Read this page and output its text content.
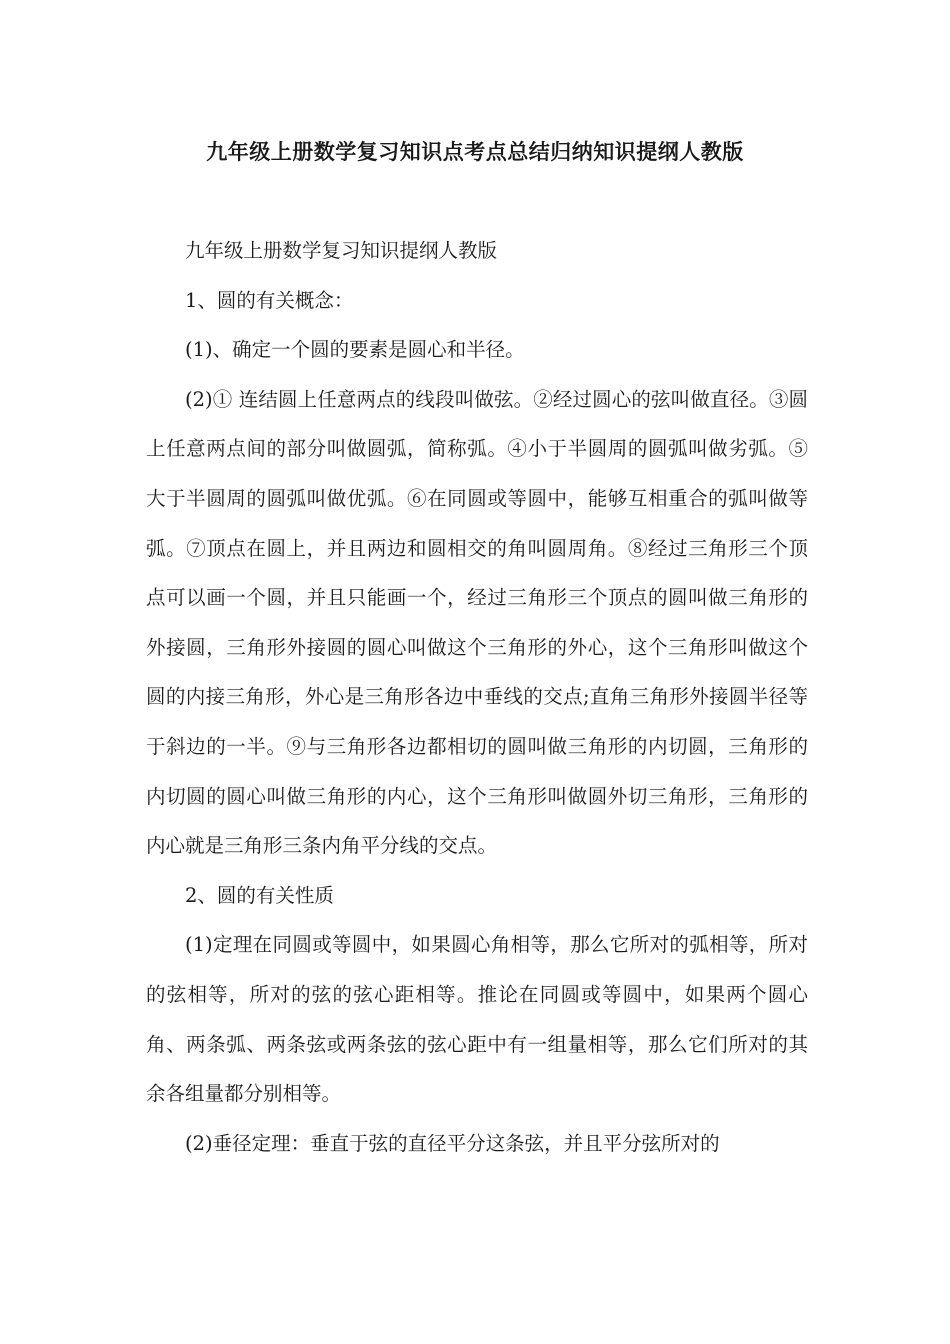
九年级上册数学复习知识点考点总结归纳知识提纲人教版

九年级上册数学复习知识提纲人教版

1、圆的有关概念：

(1)、确定一个圆的要素是圆心和半径。

(2)① 连结圆上任意两点的线段叫做弦。②经过圆心的弦叫做直径。③圆上任意两点间的部分叫做圆弧，简称弧。④小于半圆周的圆弧叫做劣弧。⑤大于半圆周的圆弧叫做优弧。⑥在同圆或等圆中，能够互相重合的弧叫做等弧。⑦顶点在圆上，并且两边和圆相交的角叫圆周角。⑧经过三角形三个顶点可以画一个圆，并且只能画一个，经过三角形三个顶点的圆叫做三角形的外接圆，三角形外接圆的圆心叫做这个三角形的外心，这个三角形叫做这个圆的内接三角形，外心是三角形各边中垂线的交点;直角三角形外接圆半径等于斜边的一半。⑨与三角形各边都相切的圆叫做三角形的内切圆，三角形的内切圆的圆心叫做三角形的内心，这个三角形叫做圆外切三角形，三角形的内心就是三角形三条内角平分线的交点。

2、圆的有关性质

(1)定理在同圆或等圆中，如果圆心角相等，那么它所对的弧相等，所对的弦相等，所对的弦的弦心距相等。推论在同圆或等圆中，如果两个圆心角、两条弧、两条弦或两条弦的弦心距中有一组量相等，那么它们所对的其余各组量都分别相等。

(2)垂径定理：垂直于弦的直径平分这条弦，并且平分弦所对的
